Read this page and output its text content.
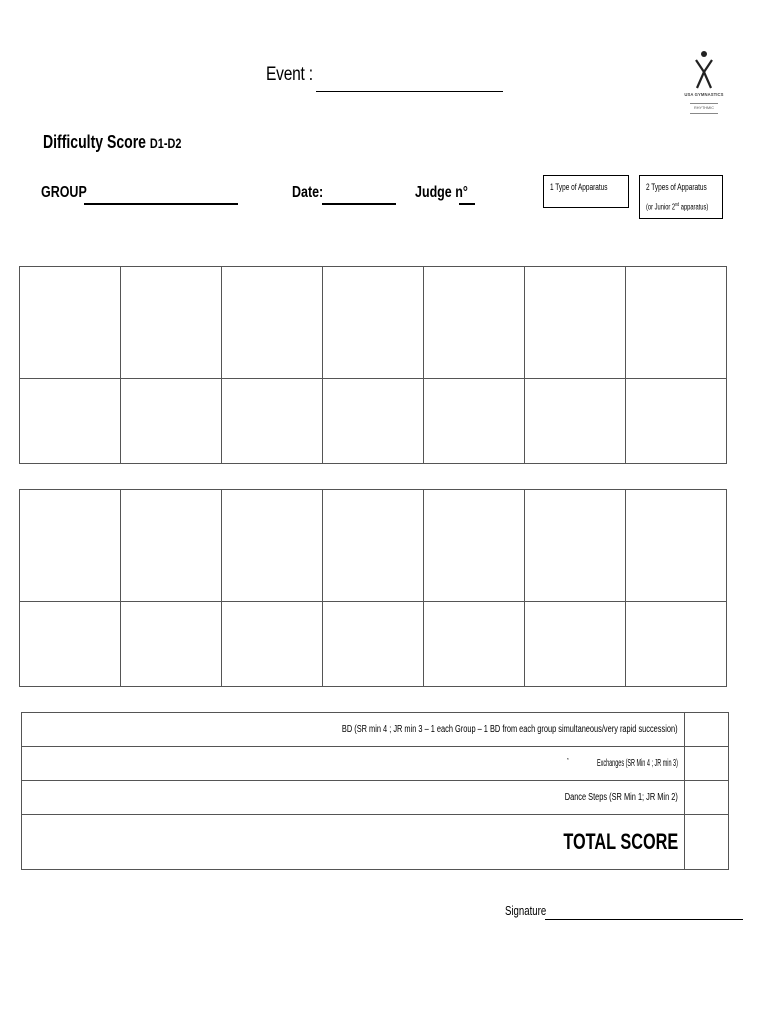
Event :
USA GYMNASTICS
RHYTHMIC
Difficulty Score D1-D2
GROUP	Date:	Judge n°	1 Type of Apparatus	2 Types of Apparatus
(or Junior 2nd apparatus)

BD (SR min 4 ; JR min 3 – 1 each Group – 1 BD from each group simultaneous/very rapid succession)	
* Exchanges (SR Min 4 ; JR min 3)	
Dance Steps (SR Min 1; JR Min 2)	
TOTAL SCORE	
Signature
